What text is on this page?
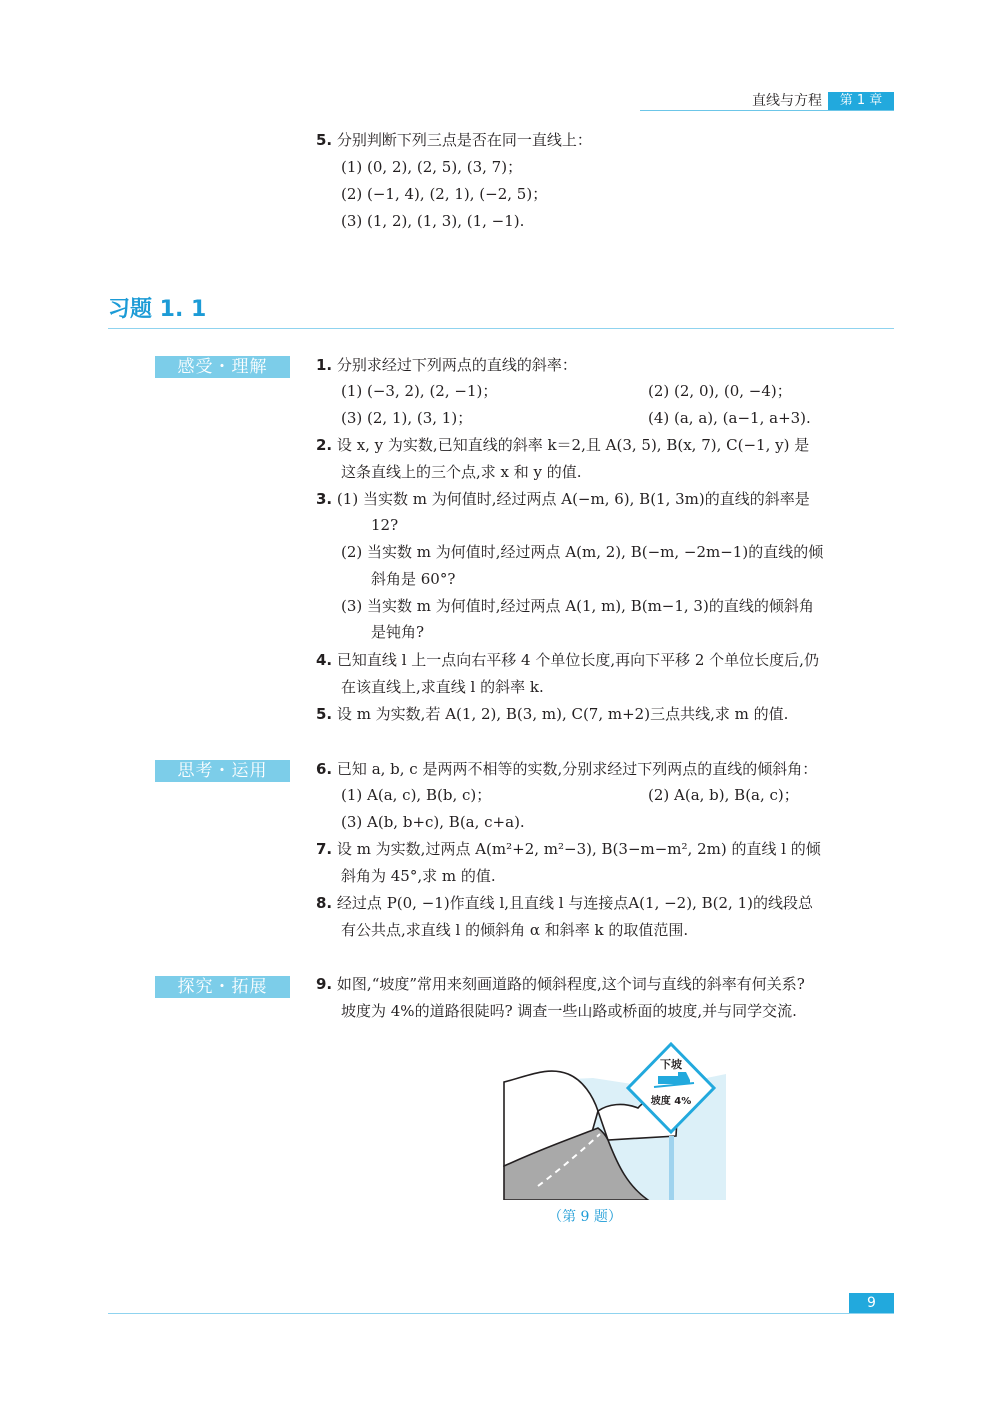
直线与方程	第 1 章
5. 分别判断下列三点是否在同一直线上：
(1) (0, 2), (2, 5), (3, 7)；
(2) (−1, 4), (2, 1), (−2, 5)；
(3) (1, 2), (1, 3), (1, −1).
习题 1. 1
感受・理解	1. 分别求经过下列两点的直线的斜率：
(1) (−3, 2), (2, −1)；	(2) (2, 0), (0, −4)；
(3) (2, 1), (3, 1)；	(4) (a, a), (a−1, a+3).
2. 设 x, y 为实数,已知直线的斜率 k＝2,且 A(3, 5), B(x, 7), C(−1, y) 是
这条直线上的三个点,求 x 和 y 的值.
3. (1) 当实数 m 为何值时,经过两点 A(−m, 6), B(1, 3m)的直线的斜率是
12?
(2) 当实数 m 为何值时,经过两点 A(m, 2), B(−m, −2m−1)的直线的倾
斜角是 60°?
(3) 当实数 m 为何值时,经过两点 A(1, m), B(m−1, 3)的直线的倾斜角
是钝角?
4. 已知直线 l 上一点向右平移 4 个单位长度,再向下平移 2 个单位长度后,仍
在该直线上,求直线 l 的斜率 k.
5. 设 m 为实数,若 A(1, 2), B(3, m), C(7, m+2)三点共线,求 m 的值.
思考・运用	6. 已知 a, b, c 是两两不相等的实数,分别求经过下列两点的直线的倾斜角：
(1) A(a, c), B(b, c)；	(2) A(a, b), B(a, c)；
(3) A(b, b+c), B(a, c+a).
7. 设 m 为实数,过两点 A(m²+2, m²−3), B(3−m−m², 2m) 的直线 l 的倾
斜角为 45°,求 m 的值.
8. 经过点 P(0, −1)作直线 l,且直线 l 与连接点A(1, −2), B(2, 1)的线段总
有公共点,求直线 l 的倾斜角 α 和斜率 k 的取值范围.
探究・拓展	9. 如图,“坡度”常用来刻画道路的倾斜程度,这个词与直线的斜率有何关系?
坡度为 4%的道路很陡吗? 调查一些山路或桥面的坡度,并与同学交流.
下坡
坡度 4%
（第 9 题）
9
